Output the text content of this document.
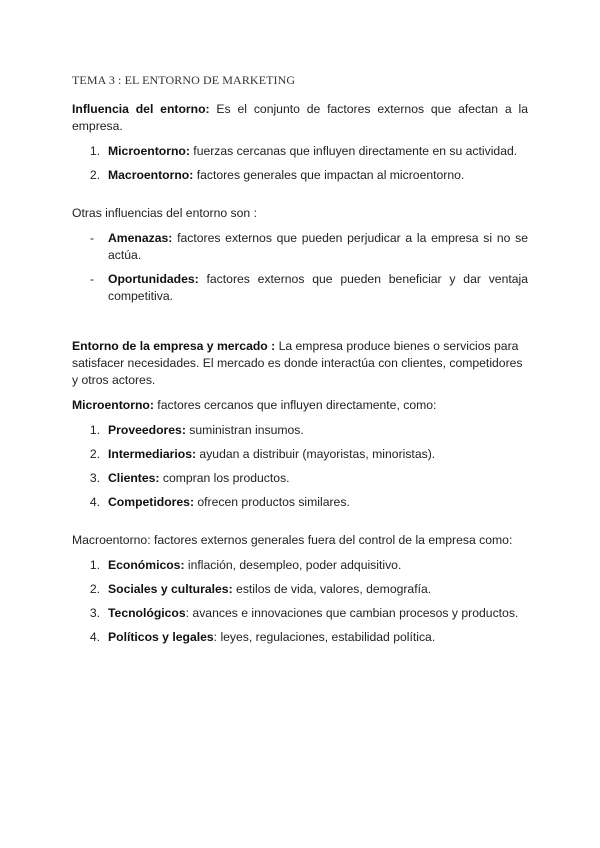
TEMA 3 : EL ENTORNO DE MARKETING

Influencia del entorno: Es el conjunto de factores externos que afectan a la empresa.

1. Microentorno: fuerzas cercanas que influyen directamente en su actividad.
2. Macroentorno: factores generales que impactan al microentorno.

Otras influencias del entorno son :

-	Amenazas: factores externos que pueden perjudicar a la empresa si no se actúa.
-	Oportunidades: factores externos que pueden beneficiar y dar ventaja competitiva.

Entorno de la empresa y mercado : La empresa produce bienes o servicios para satisfacer necesidades. El mercado es donde interactúa con clientes, competidores y otros actores.

Microentorno: factores cercanos que influyen directamente, como:

1. Proveedores: suministran insumos.
2. Intermediarios: ayudan a distribuir (mayoristas, minoristas).
3. Clientes: compran los productos.
4. Competidores: ofrecen productos similares.

Macroentorno: factores externos generales fuera del control de la empresa como:

1. Económicos: inflación, desempleo, poder adquisitivo.
2. Sociales y culturales: estilos de vida, valores, demografía.
3. Tecnológicos: avances e innovaciones que cambian procesos y productos.
4. Políticos y legales: leyes, regulaciones, estabilidad política.
